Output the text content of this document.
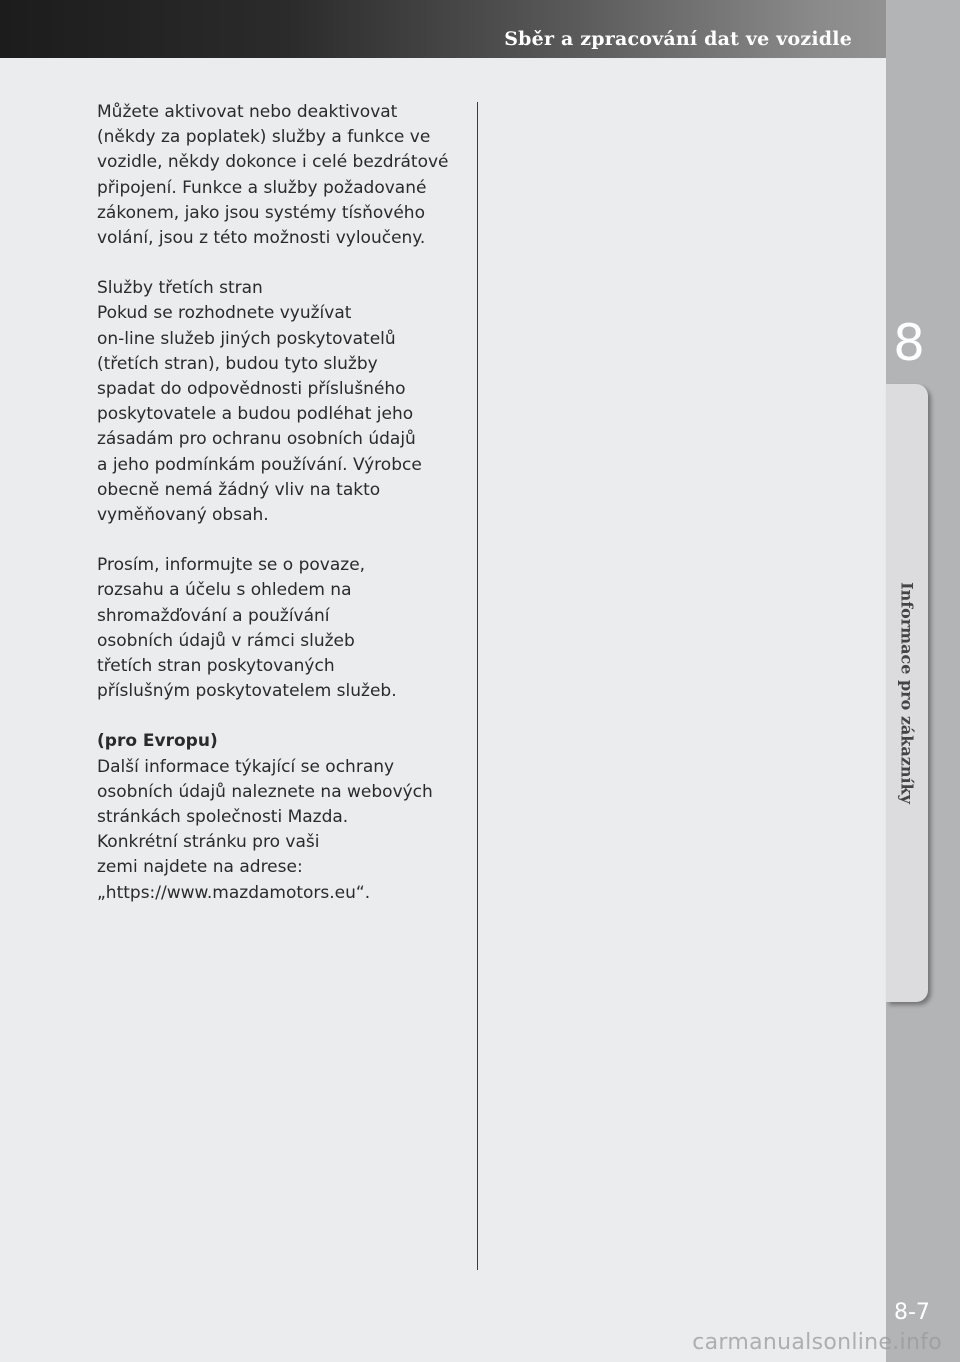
Sběr a zpracování dat ve vozidle
8
Informace pro zákazníky

Můžete aktivovat nebo deaktivovat
(někdy za poplatek) služby a funkce ve
vozidle, někdy dokonce i celé bezdrátové
připojení. Funkce a služby požadované
zákonem, jako jsou systémy tísňového
volání, jsou z této možnosti vyloučeny.

Služby třetích stran
Pokud se rozhodnete využívat
on-line služeb jiných poskytovatelů
(třetích stran), budou tyto služby
spadat do odpovědnosti příslušného
poskytovatele a budou podléhat jeho
zásadám pro ochranu osobních údajů
a jeho podmínkám používání. Výrobce
obecně nemá žádný vliv na takto
vyměňovaný obsah.

Prosím, informujte se o povaze,
rozsahu a účelu s ohledem na
shromažďování a používání
osobních údajů v rámci služeb
třetích stran poskytovaných
příslušným poskytovatelem služeb.

(pro Evropu)
Další informace týkající se ochrany
osobních údajů naleznete na webových
stránkách společnosti Mazda.
Konkrétní stránku pro vaši
zemi najdete na adrese:
„https://www.mazdamotors.eu“.

8-7
carmanualsonline.info
